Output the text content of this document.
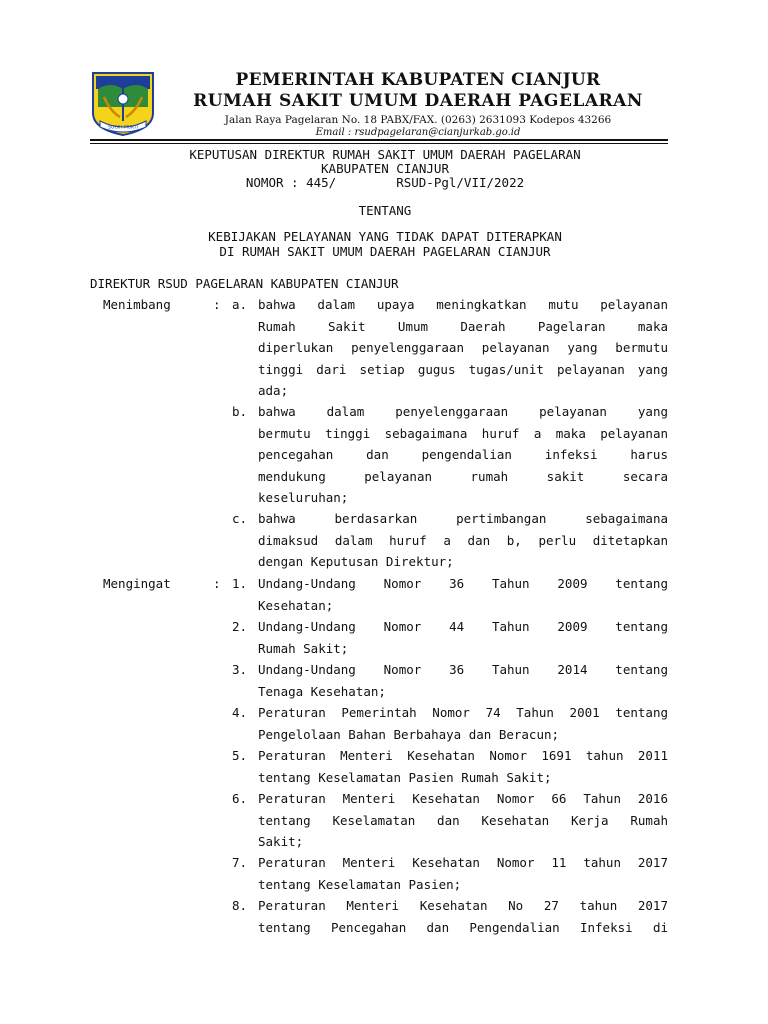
SUGIH MUKTI
PEMERINTAH KABUPATEN CIANJUR
RUMAH SAKIT UMUM DAERAH PAGELARAN
Jalan Raya Pagelaran No. 18 PABX/FAX. (0263) 2631093 Kodepos 43266
Email : rsudpagelaran@cianjurkab.go.id
KEPUTUSAN DIREKTUR RUMAH SAKIT UMUM DAERAH PAGELARAN
KABUPATEN CIANJUR
NOMOR : 445/	RSUD-Pgl/VII/2022
TENTANG
KEBIJAKAN PELAYANAN YANG TIDAK DAPAT DITERAPKAN
DI RUMAH SAKIT UMUM DAERAH PAGELARAN CIANJUR
DIREKTUR RSUD PAGELARAN KABUPATEN CIANJUR
Menimbang	: a. bahwa dalam upaya meningkatkan mutu pelayanan
Rumah Sakit Umum Daerah Pagelaran maka
diperlukan penyelenggaraan pelayanan yang bermutu
tinggi dari setiap gugus tugas/unit pelayanan yang
ada;
b. bahwa dalam penyelenggaraan pelayanan yang
bermutu tinggi sebagaimana huruf a maka pelayanan
pencegahan dan pengendalian infeksi harus
mendukung pelayanan rumah sakit secara
keseluruhan;
c. bahwa berdasarkan pertimbangan sebagaimana
dimaksud dalam huruf a dan b, perlu ditetapkan
dengan Keputusan Direktur;
Mengingat	: 1. Undang-Undang Nomor 36 Tahun 2009 tentang
Kesehatan;
2. Undang-Undang Nomor 44 Tahun 2009 tentang
Rumah Sakit;
3. Undang-Undang Nomor 36 Tahun 2014 tentang
Tenaga Kesehatan;
4. Peraturan Pemerintah Nomor 74 Tahun 2001 tentang
Pengelolaan Bahan Berbahaya dan Beracun;
5. Peraturan Menteri Kesehatan Nomor 1691 tahun 2011
tentang Keselamatan Pasien Rumah Sakit;
6. Peraturan Menteri Kesehatan Nomor 66 Tahun 2016
tentang Keselamatan dan Kesehatan Kerja Rumah
Sakit;
7. Peraturan Menteri Kesehatan Nomor 11 tahun 2017
tentang Keselamatan Pasien;
8. Peraturan Menteri Kesehatan No 27 tahun 2017
tentang Pencegahan dan Pengendalian Infeksi di
